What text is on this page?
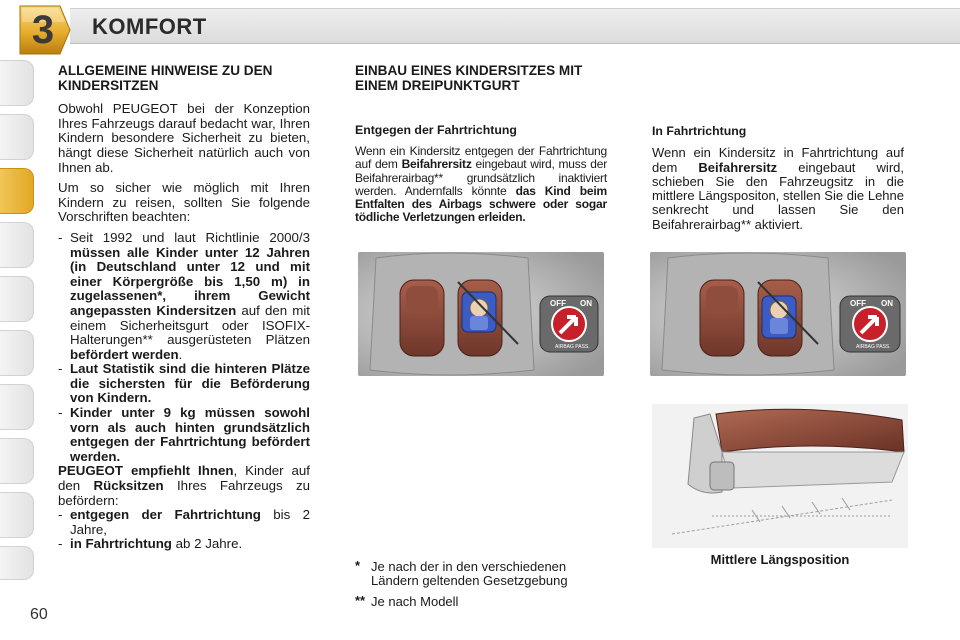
3	KOMFORT
ALLGEMEINE HINWEISE ZU DEN KINDERSITZEN

Obwohl PEUGEOT bei der Konzeption Ihres Fahrzeugs darauf bedacht war, Ihren Kindern besondere Sicherheit zu bieten, hängt diese Sicherheit natürlich auch von Ihnen ab.

Um so sicher wie möglich mit Ihren Kindern zu reisen, sollten Sie folgende Vorschriften beachten:

- Seit 1992 und laut Richtlinie 2000/3 müssen alle Kinder unter 12 Jahren (in Deutschland unter 12 und mit einer Körpergröße bis 1,50 m) in zugelassenen*, ihrem Gewicht angepassten Kindersitzen auf den mit einem Sicherheitsgurt oder ISOFIX-Halterungen** ausgerüsteten Plätzen befördert werden.
- Laut Statistik sind die hinteren Plätze die sichersten für die Beförderung von Kindern.
- Kinder unter 9 kg müssen sowohl vorn als auch hinten grundsätzlich entgegen der Fahrtrichtung befördert werden.

PEUGEOT empfiehlt Ihnen, Kinder auf den Rücksitzen Ihres Fahrzeugs zu befördern:

- entgegen der Fahrtrichtung bis 2 Jahre,
- in Fahrtrichtung ab 2 Jahre.
EINBAU EINES KINDERSITZES MIT EINEM DREIPUNKTGURT
Entgegen der Fahrtrichtung

Wenn ein Kindersitz entgegen der Fahrtrichtung auf dem Beifahrersitz eingebaut wird, muss der Beifahrerairbag** grundsätzlich inaktiviert werden. Andernfalls könnte das Kind beim Entfalten des Airbags schwere oder sogar tödliche Verletzungen erleiden.

In Fahrtrichtung

Wenn ein Kindersitz in Fahrtrichtung auf dem Beifahrersitz eingebaut wird, schieben Sie den Fahrzeugsitz in die mittlere Längspositon, stellen Sie die Lehne senkrecht und lassen Sie den Beifahrerairbag** aktiviert.

OFF ON
AIRBAG PASS.
OFF ON
AIRBAG PASS.
Mittlere Längsposition
* Je nach der in den verschiedenen Ländern geltenden Gesetzgebung
** Je nach Modell
60
